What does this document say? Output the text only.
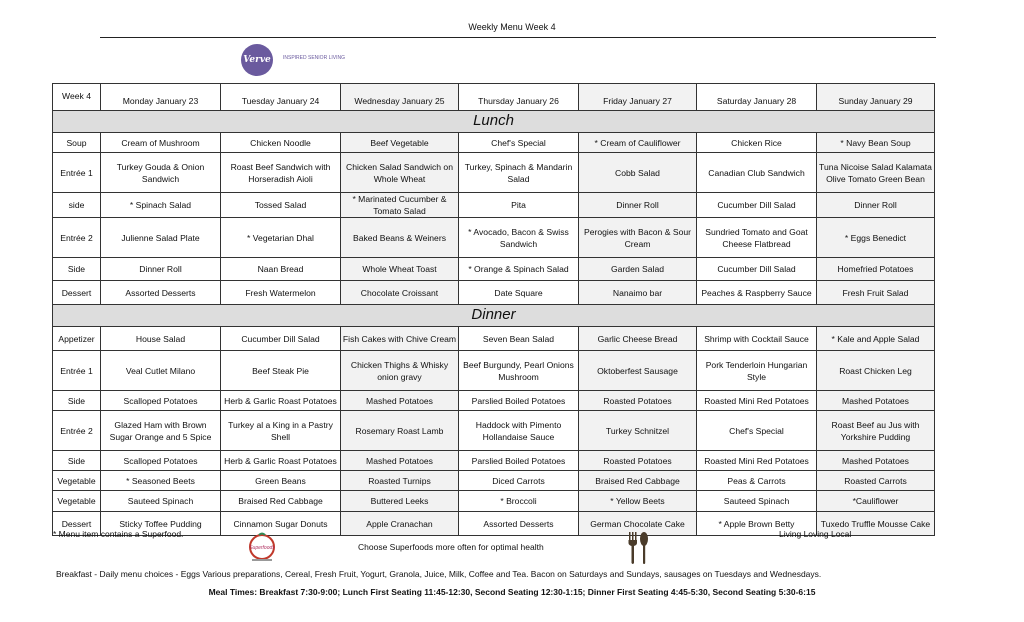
Weekly Menu Week 4
Verve	INSPIRED SENIOR LIVING
Week 4	Monday January 23	Tuesday January 24	Wednesday January 25	Thursday January 26	Friday January 27	Saturday January 28	Sunday January 29
Lunch							
Soup	Cream of Mushroom	Chicken Noodle	Beef Vegetable	Chef's Special	* Cream of Cauliflower	Chicken Rice	* Navy Bean Soup
Entrée 1	Turkey Gouda & Onion Sandwich	Roast Beef Sandwich with Horseradish Aioli	Chicken Salad Sandwich on Whole Wheat	Turkey, Spinach & Mandarin Salad	Cobb Salad	Canadian Club Sandwich	Tuna Nicoise Salad Kalamata Olive Tomato Green Bean
side	* Spinach Salad	Tossed Salad	* Marinated Cucumber & Tomato Salad	Pita	Dinner Roll	Cucumber Dill Salad	Dinner Roll
Entrée 2	Julienne Salad Plate	* Vegetarian Dhal	Baked Beans & Weiners	* Avocado, Bacon & Swiss Sandwich	Perogies with Bacon & Sour Cream	Sundried Tomato and Goat Cheese Flatbread	* Eggs Benedict
Side	Dinner Roll	Naan Bread	Whole Wheat Toast	* Orange & Spinach Salad	Garden Salad	Cucumber Dill Salad	Homefried Potatoes
Dessert	Assorted Desserts	Fresh Watermelon	Chocolate Croissant	Date Square	Nanaimo bar	Peaches & Raspberry Sauce	Fresh Fruit Salad
Dinner							
Appetizer	House Salad	Cucumber Dill Salad	Fish Cakes with Chive Cream	Seven Bean Salad	Garlic Cheese Bread	Shrimp with Cocktail Sauce	* Kale and Apple Salad
Entrée 1	Veal Cutlet Milano	Beef Steak Pie	Chicken Thighs & Whisky onion gravy	Beef Burgundy, Pearl Onions Mushroom	Oktoberfest Sausage	Pork Tenderloin Hungarian Style	Roast Chicken Leg
Side	Scalloped Potatoes	Herb & Garlic Roast Potatoes	Mashed Potatoes	Parslied Boiled Potatoes	Roasted Potatoes	Roasted Mini Red Potatoes	Mashed Potatoes
Entrée 2	Glazed Ham with Brown Sugar Orange and 5 Spice	Turkey al a King in a Pastry Shell	Rosemary Roast Lamb	Haddock with Pimento Hollandaise Sauce	Turkey Schnitzel	Chef's Special	Roast Beef au Jus with Yorkshire Pudding
Side	Scalloped Potatoes	Herb & Garlic Roast Potatoes	Mashed Potatoes	Parslied Boiled Potatoes	Roasted Potatoes	Roasted Mini Red Potatoes	Mashed Potatoes
Vegetable	* Seasoned Beets	Green Beans	Roasted Turnips	Diced Carrots	Braised Red Cabbage	Peas & Carrots	Roasted Carrots
Vegetable	Sauteed Spinach	Braised Red Cabbage	Buttered Leeks	* Broccoli	* Yellow Beets	Sauteed Spinach	*Cauliflower
Dessert	Sticky Toffee Pudding	Cinnamon Sugar Donuts	Apple Cranachan	Assorted Desserts	German Chocolate Cake	* Apple Brown Betty	Tuxedo Truffle Mousse Cake
* Menu item contains a Superfood.	Living Loving Local
Superfoods	Choose Superfoods more often for optimal health
Breakfast - Daily menu choices - Eggs Various preparations, Cereal, Fresh Fruit, Yogurt, Granola, Juice, Milk, Coffee and Tea. Bacon on Saturdays and Sundays, sausages on Tuesdays and Wednesdays.
Meal Times: Breakfast 7:30-9:00; Lunch First Seating 11:45-12:30, Second Seating 12:30-1:15; Dinner First Seating 4:45-5:30, Second Seating 5:30-6:15
